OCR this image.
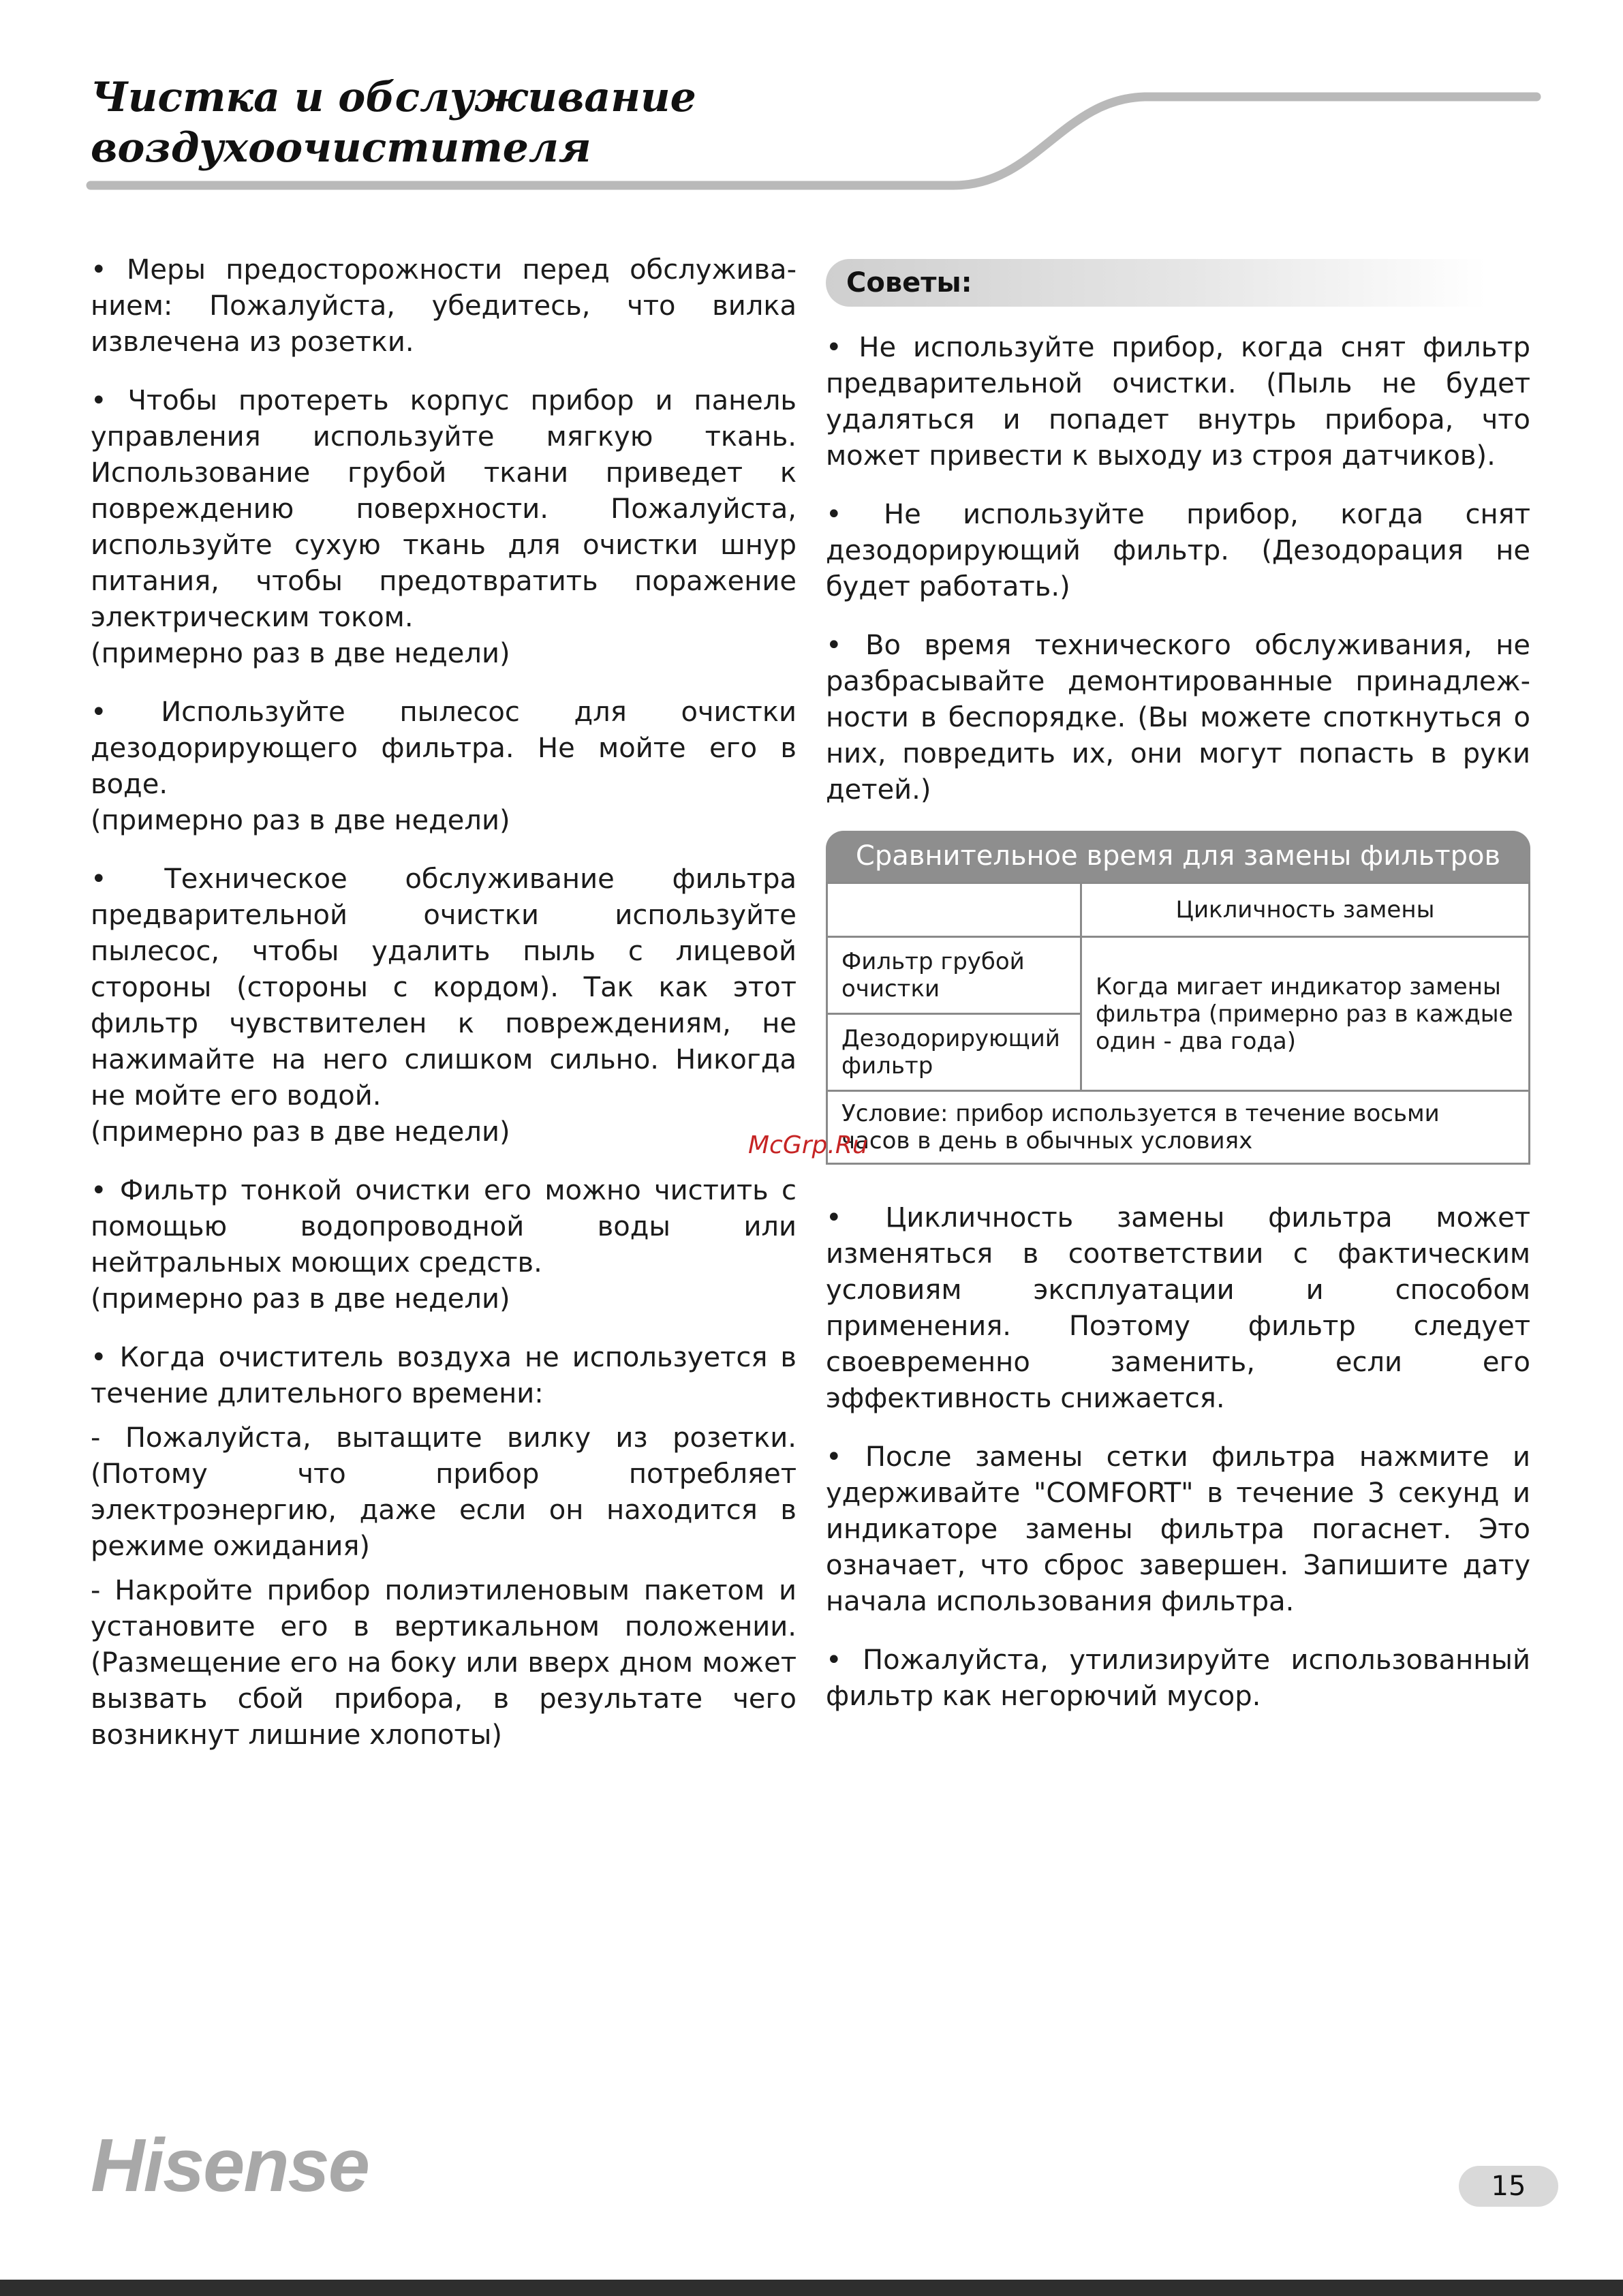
Чистка и обслуживание
воздухоочистителя
• Меры предосторожности перед обслуживанием: Пожалуйста, убедитесь, что вилка извлечена из розетки.
• Чтобы протереть корпус прибор и панель управления используйте мягкую ткань. Использование грубой ткани приведет к повреждению поверхности. Пожалуйста, используйте сухую ткань для очистки шнур питания, чтобы предотвратить поражение электрическим током.
(примерно раз в две недели)
• Используйте пылесос для очистки дезодорирующего фильтра. Не мойте его в воде.
(примерно раз в две недели)
• Техническое обслуживание фильтра предварительной очистки используйте пылесос, чтобы удалить пыль с лицевой стороны (стороны с кордом). Так как этот фильтр чувствителен к повреждениям, не нажимайте на него слишком сильно. Никогда не мойте его водой.
(примерно раз в две недели)
• Фильтр тонкой очистки его можно чистить с помощью водопроводной воды или нейтральных моющих средств.
(примерно раз в две недели)
• Когда очиститель воздуха не используется в течение длительного времени:
- Пожалуйста, вытащите вилку из розетки. (Потому что прибор потребляет электроэнергию, даже если он находится в режиме ожидания)
- Накройте прибор полиэтиленовым пакетом и установите его в вертикальном положении. (Размещение его на боку или вверх дном может вызвать сбой прибора, в результате чего возникнут лишние хлопоты)
Советы:
• Не используйте прибор, когда снят фильтр предварительной очистки. (Пыль не будет удаляться и попадет внутрь прибора, что может привести к выходу из строя датчиков).
• Не используйте прибор, когда снят дезодорирующий фильтр. (Дезодорация не будет работать.)
• Во время технического обслуживания, не разбрасывайте демонтированные принадлежности в беспорядке. (Вы можете споткнуться о них, повредить их, они могут попасть в руки детей.)
Сравнительное время для замены фильтров
	Цикличность замены
Фильтр грубой очистки	Когда мигает индикатор замены фильтра (примерно раз в каждые один - два года)
Дезодорирующий фильтр	
Условие: прибор используется в течение восьми часов в день в обычных условиях	
• Цикличность замены фильтра может изменяться в соответствии с фактическим условиям эксплуатации и способом применения. Поэтому фильтр следует своевременно заменить, если его эффективность снижается.
• После замены сетки фильтра нажмите и удерживайте "COMFORT" в течение 3 секунд и индикаторе замены фильтра погаснет. Это означает, что сброс завершен. Запишите дату начала использования фильтра.
• Пожалуйста, утилизируйте использованный фильтр как негорючий мусор.
McGrp.Ru
Hisense	15
